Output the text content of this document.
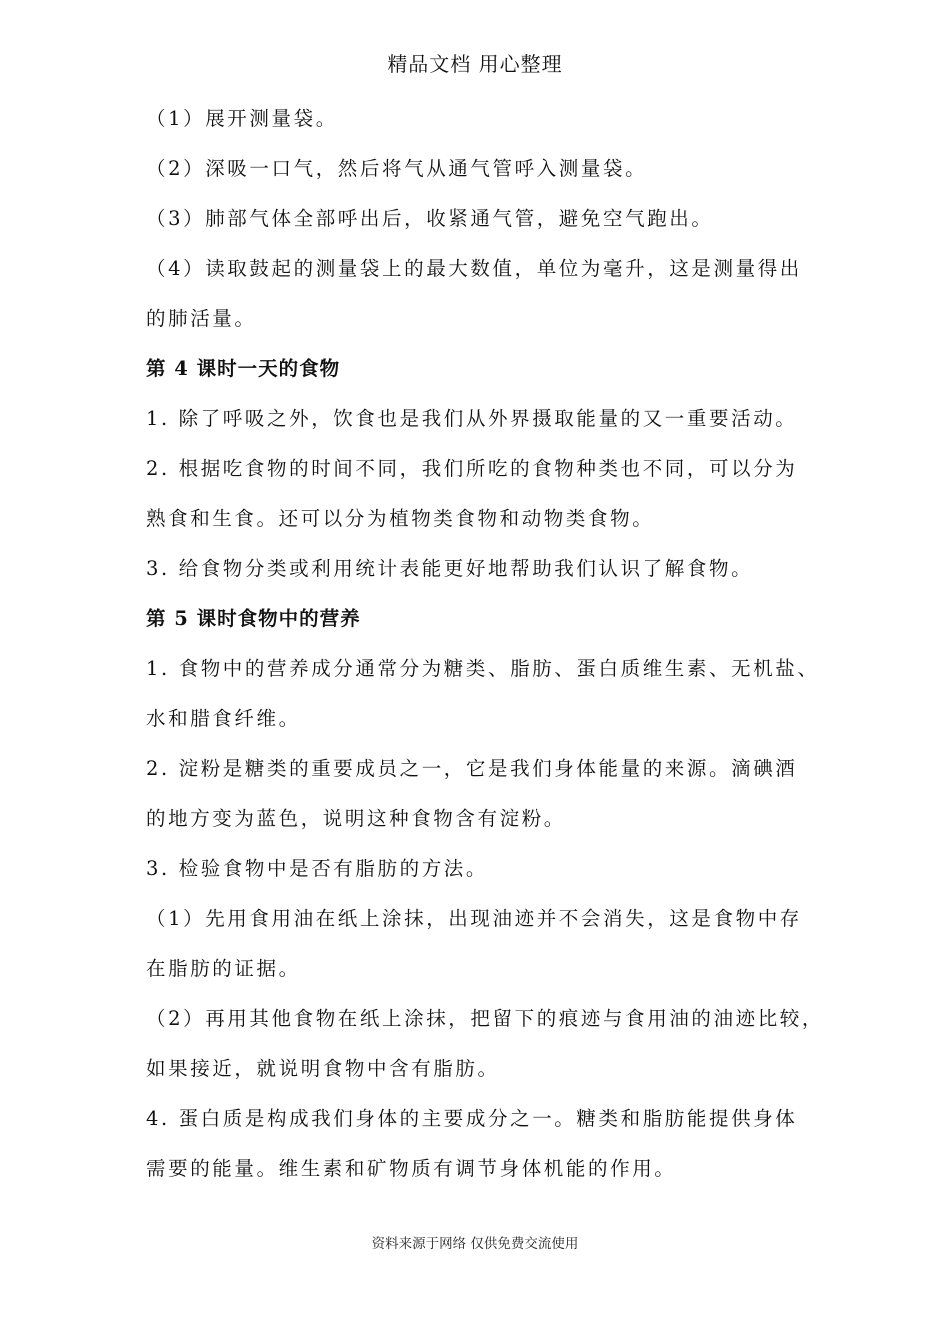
精品文档 用心整理
（1）展开测量袋。
（2）深吸一口气，然后将气从通气管呼入测量袋。
（3）肺部气体全部呼出后，收紧通气管，避免空气跑出。
（4）读取鼓起的测量袋上的最大数值，单位为毫升，这是测量得出
的肺活量。
第 4 课时一天的食物
1. 除了呼吸之外，饮食也是我们从外界摄取能量的又一重要活动。
2. 根据吃食物的时间不同，我们所吃的食物种类也不同，可以分为
熟食和生食。还可以分为植物类食物和动物类食物。
3. 给食物分类或利用统计表能更好地帮助我们认识了解食物。
第 5 课时食物中的营养
1. 食物中的营养成分通常分为糖类、脂肪、蛋白质维生素、无机盐、
水和腊食纤维。
2. 淀粉是糖类的重要成员之一，它是我们身体能量的来源。滴碘酒
的地方变为蓝色，说明这种食物含有淀粉。
3. 检验食物中是否有脂肪的方法。
（1）先用食用油在纸上涂抹，出现油迹并不会消失，这是食物中存
在脂肪的证据。
（2）再用其他食物在纸上涂抹，把留下的痕迹与食用油的油迹比较，
如果接近，就说明食物中含有脂肪。
4. 蛋白质是构成我们身体的主要成分之一。糖类和脂肪能提供身体
需要的能量。维生素和矿物质有调节身体机能的作用。
资料来源于网络 仅供免费交流使用
